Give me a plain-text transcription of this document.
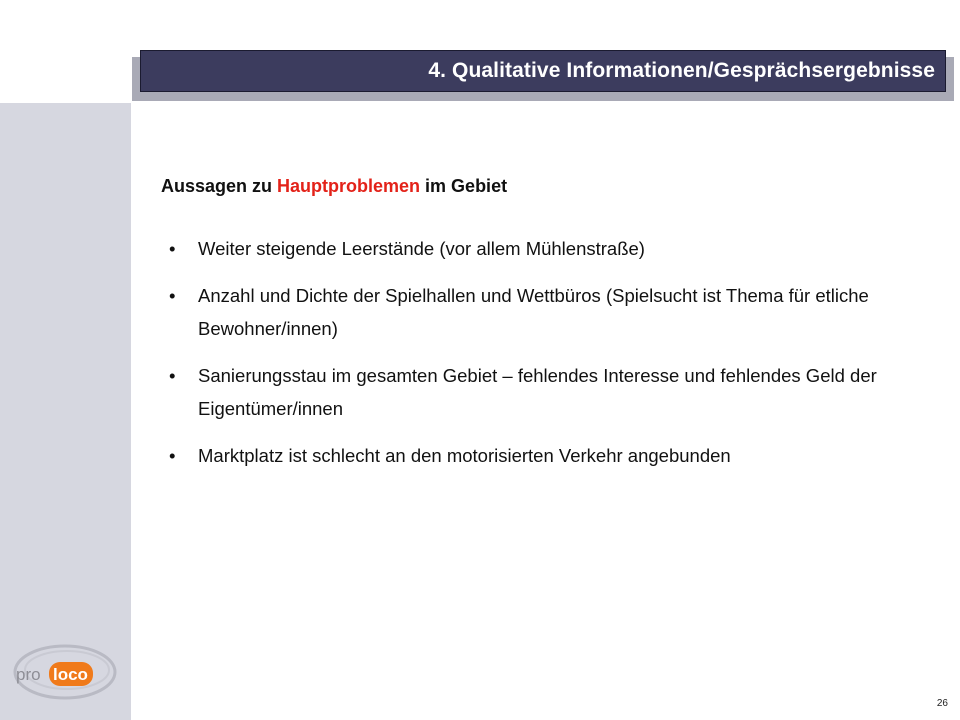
4. Qualitative Informationen/Gesprächsergebnisse
Aussagen zu Hauptproblemen im Gebiet
• Weiter steigende Leerstände (vor allem Mühlenstraße)
• Anzahl und Dichte der Spielhallen und Wettbüros (Spielsucht ist Thema für etliche Bewohner/innen)
• Sanierungsstau im gesamten Gebiet – fehlendes Interesse und fehlendes Geld der Eigentümer/innen
• Marktplatz ist schlecht an den motorisierten Verkehr angebunden
pro loco
26
